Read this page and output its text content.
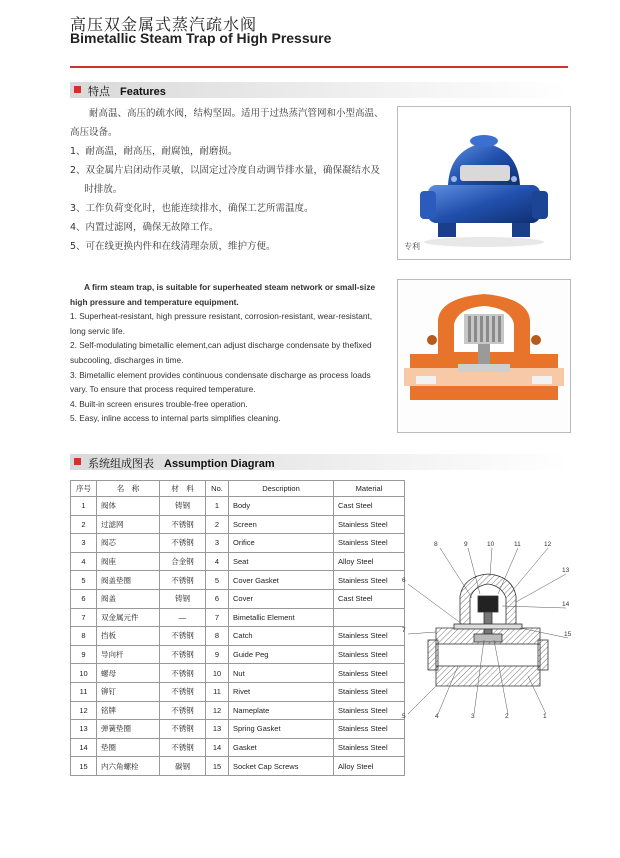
高压双金属式蒸汽疏水阀
Bimetallic Steam Trap of High Pressure
特点 Features
耐高温、高压的疏水阀，结构坚固。适用于过热蒸汽管网和小型高温、高压设备。
1、耐高温，耐高压，耐腐蚀，耐磨损。
2、双金属片启闭动作灵敏，以固定过冷度自动调节排水量，确保凝结水及时排放。
3、工作负荷变化时，也能连续排水，确保工艺所需温度。
4、内置过滤网，确保无故障工作。
5、可在线更换内件和在线清理杂质，维护方便。	专利
A firm steam trap, is suitable for superheated steam network or small-size high pressure and temperature equipment.
1. Superheat-resistant, high pressure resistant, corrosion-resistant, wear-resistant, long servic life.
2. Self-modulating bimetallic element,can adjust discharge condensate by thefixed subcooling, discharges in time.
3. Bimetallic element provides continuous condensate discharge as process loads vary. To ensure that process required temperature.
4. Built-in screen ensures trouble-free operation.
5. Easy, inline access to internal parts simplifies cleaning.
系统组成图表 Assumption Diagram
序号	名　称	材　料	No.	Description	Material
1	阀体	铸钢	1	Body	Cast Steel
2	过滤网	不锈钢	2	Screen	Stainless Steel
3	阀芯	不锈钢	3	Orifice	Stainless Steel
4	阀座	合金钢	4	Seat	Alloy Steel
5	阀盖垫圈	不锈钢	5	Cover Gasket	Stainless Steel
6	阀盖	铸钢	6	Cover	Cast Steel
7	双金属元件	—	7	Bimetallic Element	
8	挡板	不锈钢	8	Catch	Stainless Steel
9	导向杆	不锈钢	9	Guide Peg	Stainless Steel
10	螺母	不锈钢	10	Nut	Stainless Steel
11	铆钉	不锈钢	11	Rivet	Stainless Steel
12	铭牌	不锈钢	12	Nameplate	Stainless Steel
13	弹簧垫圈	不锈钢	13	Spring Gasket	Stainless Steel
14	垫圈	不锈钢	14	Gasket	Stainless Steel
15	内六角螺栓	碳钢	15	Socket Cap Screws	Alloy Steel
8	9	10	11	12
13
14
15
6
7
5	4	3	2	1
